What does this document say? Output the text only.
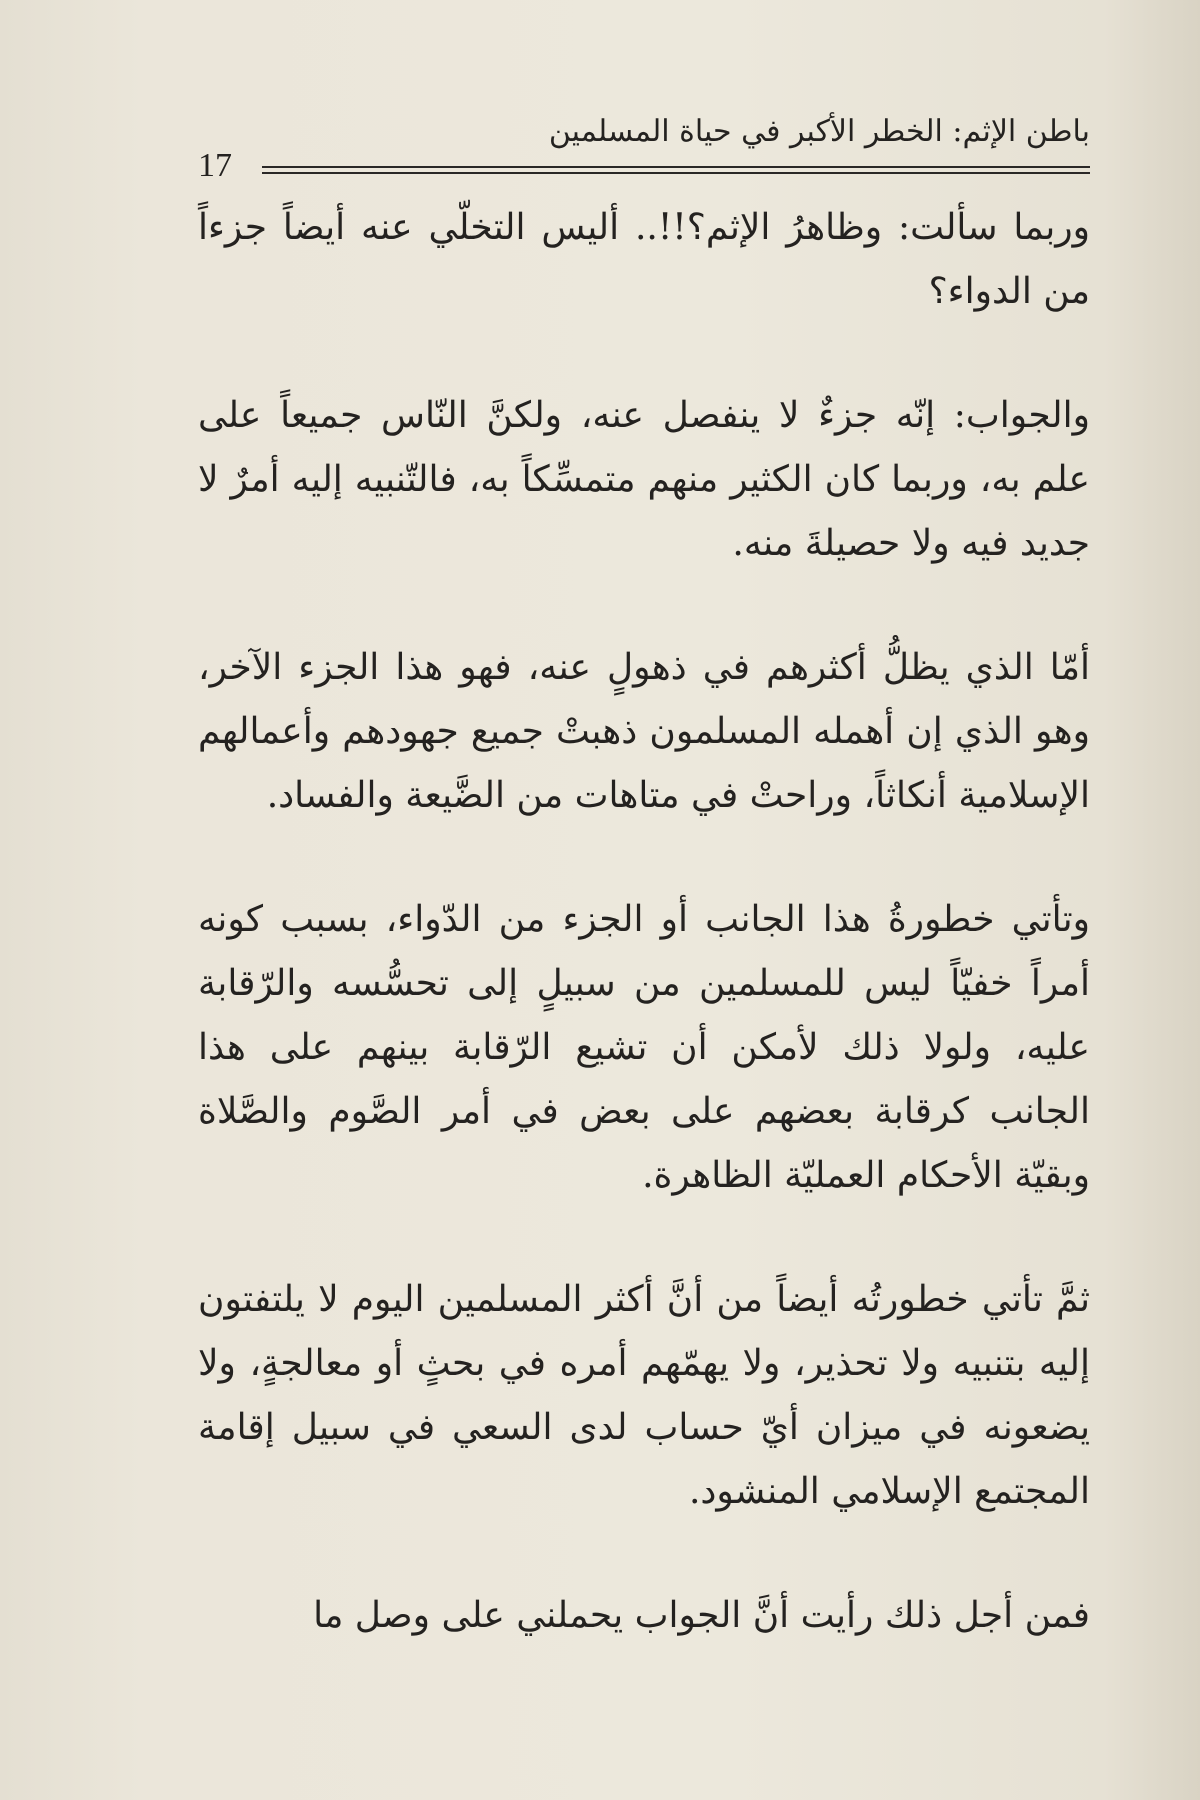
باطن الإثم: الخطر الأكبر في حياة المسلمين
17

وربما سألت: وظاهرُ الإثم؟!!.. أليس التخلّي عنه أيضاً جزءاً من الدواء؟

والجواب: إنّه جزءٌ لا ينفصل عنه، ولكنَّ النّاس جميعاً على علم به، وربما كان الكثير منهم متمسِّكاً به، فالتّنبيه إليه أمرٌ لا جديد فيه ولا حصيلةَ منه.

أمّا الذي يظلُّ أكثرهم في ذهولٍ عنه، فهو هذا الجزء الآخر، وهو الذي إن أهمله المسلمون ذهبتْ جميع جهودهم وأعمالهم الإسلامية أنكاثاً، وراحتْ في متاهات من الضَّيعة والفساد.

وتأتي خطورةُ هذا الجانب أو الجزء من الدّواء، بسبب كونه أمراً خفيّاً ليس للمسلمين من سبيلٍ إلى تحسُّسه والرّقابة عليه، ولولا ذلك لأمكن أن تشيع الرّقابة بينهم على هذا الجانب كرقابة بعضهم على بعض في أمر الصَّوم والصَّلاة وبقيّة الأحكام العمليّة الظاهرة.

ثمَّ تأتي خطورتُه أيضاً من أنَّ أكثر المسلمين اليوم لا يلتفتون إليه بتنبيه ولا تحذير، ولا يهمّهم أمره في بحثٍ أو معالجةٍ، ولا يضعونه في ميزان أيّ حساب لدى السعي في سبيل إقامة المجتمع الإسلامي المنشود.

فمن أجل ذلك رأيت أنَّ الجواب يحملني على وصل ما
